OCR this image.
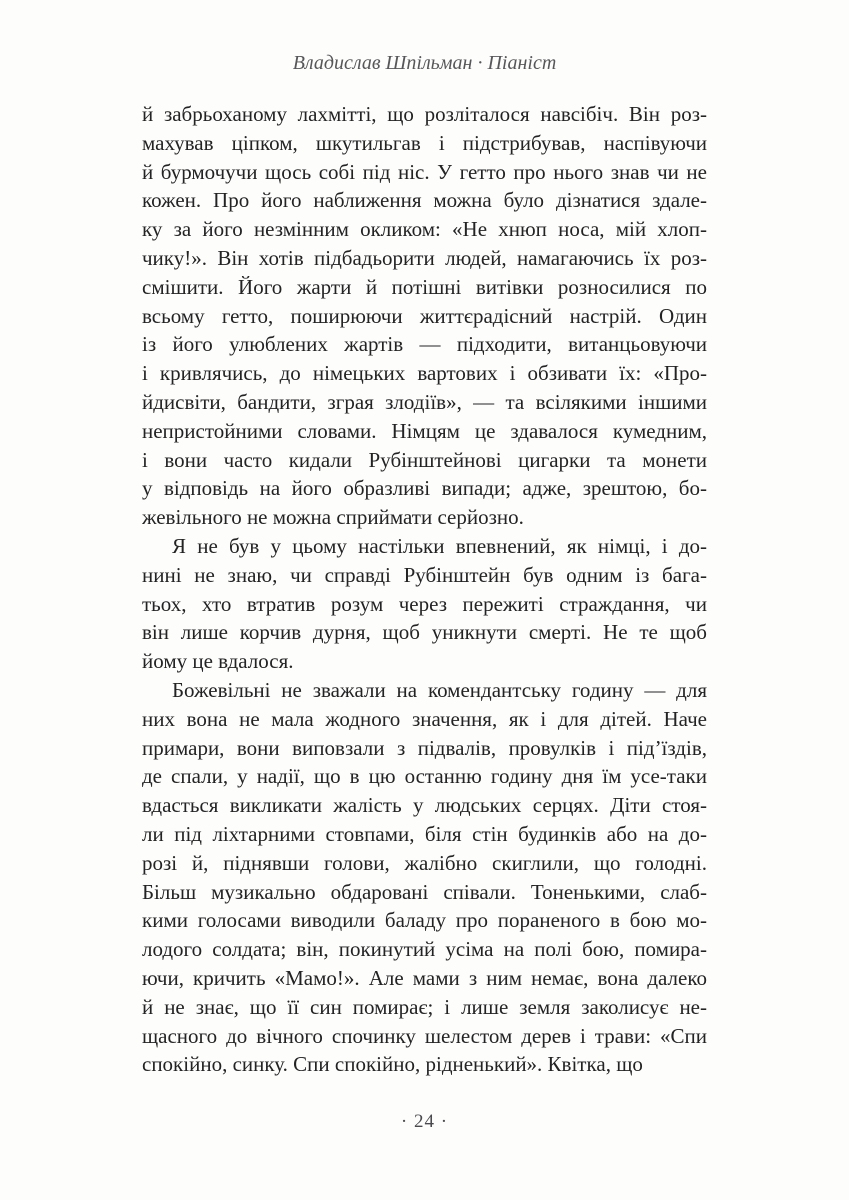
Владислав Шпільман · Піаніст
й забрьоханому лахмітті, що розліталося навсібіч. Він роз-
махував ціпком, шкутильгав і підстрибував, наспівуючи
й бурмочучи щось собі під ніс. У гетто про нього знав чи не
кожен. Про його наближення можна було дізнатися здале-
ку за його незмінним окликом: «Не хнюп носа, мій хлоп-
чику!». Він хотів підбадьорити людей, намагаючись їх роз-
смішити. Його жарти й потішні витівки розносилися по
всьому гетто, поширюючи життєрадісний настрій. Один
із його улюблених жартів — підходити, витанцьовуючи
і кривлячись, до німецьких вартових і обзивати їх: «Про-
йдисвіти, бандити, зграя злодіїв», — та всілякими іншими
непристойними словами. Німцям це здавалося кумедним,
і вони часто кидали Рубінштейнові цигарки та монети
у відповідь на його образливі випади; адже, зрештою, бо-
жевільного не можна сприймати серйозно.
Я не був у цьому настільки впевнений, як німці, і до-
нині не знаю, чи справді Рубінштейн був одним із бага-
тьох, хто втратив розум через пережиті страждання, чи
він лише корчив дурня, щоб уникнути смерті. Не те щоб
йому це вдалося.
Божевільні не зважали на комендантську годину — для
них вона не мала жодного значення, як і для дітей. Наче
примари, вони виповзали з підвалів, провулків і під’їздів,
де спали, у надії, що в цю останню годину дня їм усе-таки
вдасться викликати жалість у людських серцях. Діти стоя-
ли під ліхтарними стовпами, біля стін будинків або на до-
розі й, піднявши голови, жалібно скиглили, що голодні.
Більш музикально обдаровані співали. Тоненькими, слаб-
кими голосами виводили баладу про пораненого в бою мо-
лодого солдата; він, покинутий усіма на полі бою, помира-
ючи, кричить «Мамо!». Але мами з ним немає, вона далеко
й не знає, що її син помирає; і лише земля заколисує не-
щасного до вічного спочинку шелестом дерев і трави: «Спи
спокійно, синку. Спи спокійно, рідненький». Квітка, що
· 24 ·
